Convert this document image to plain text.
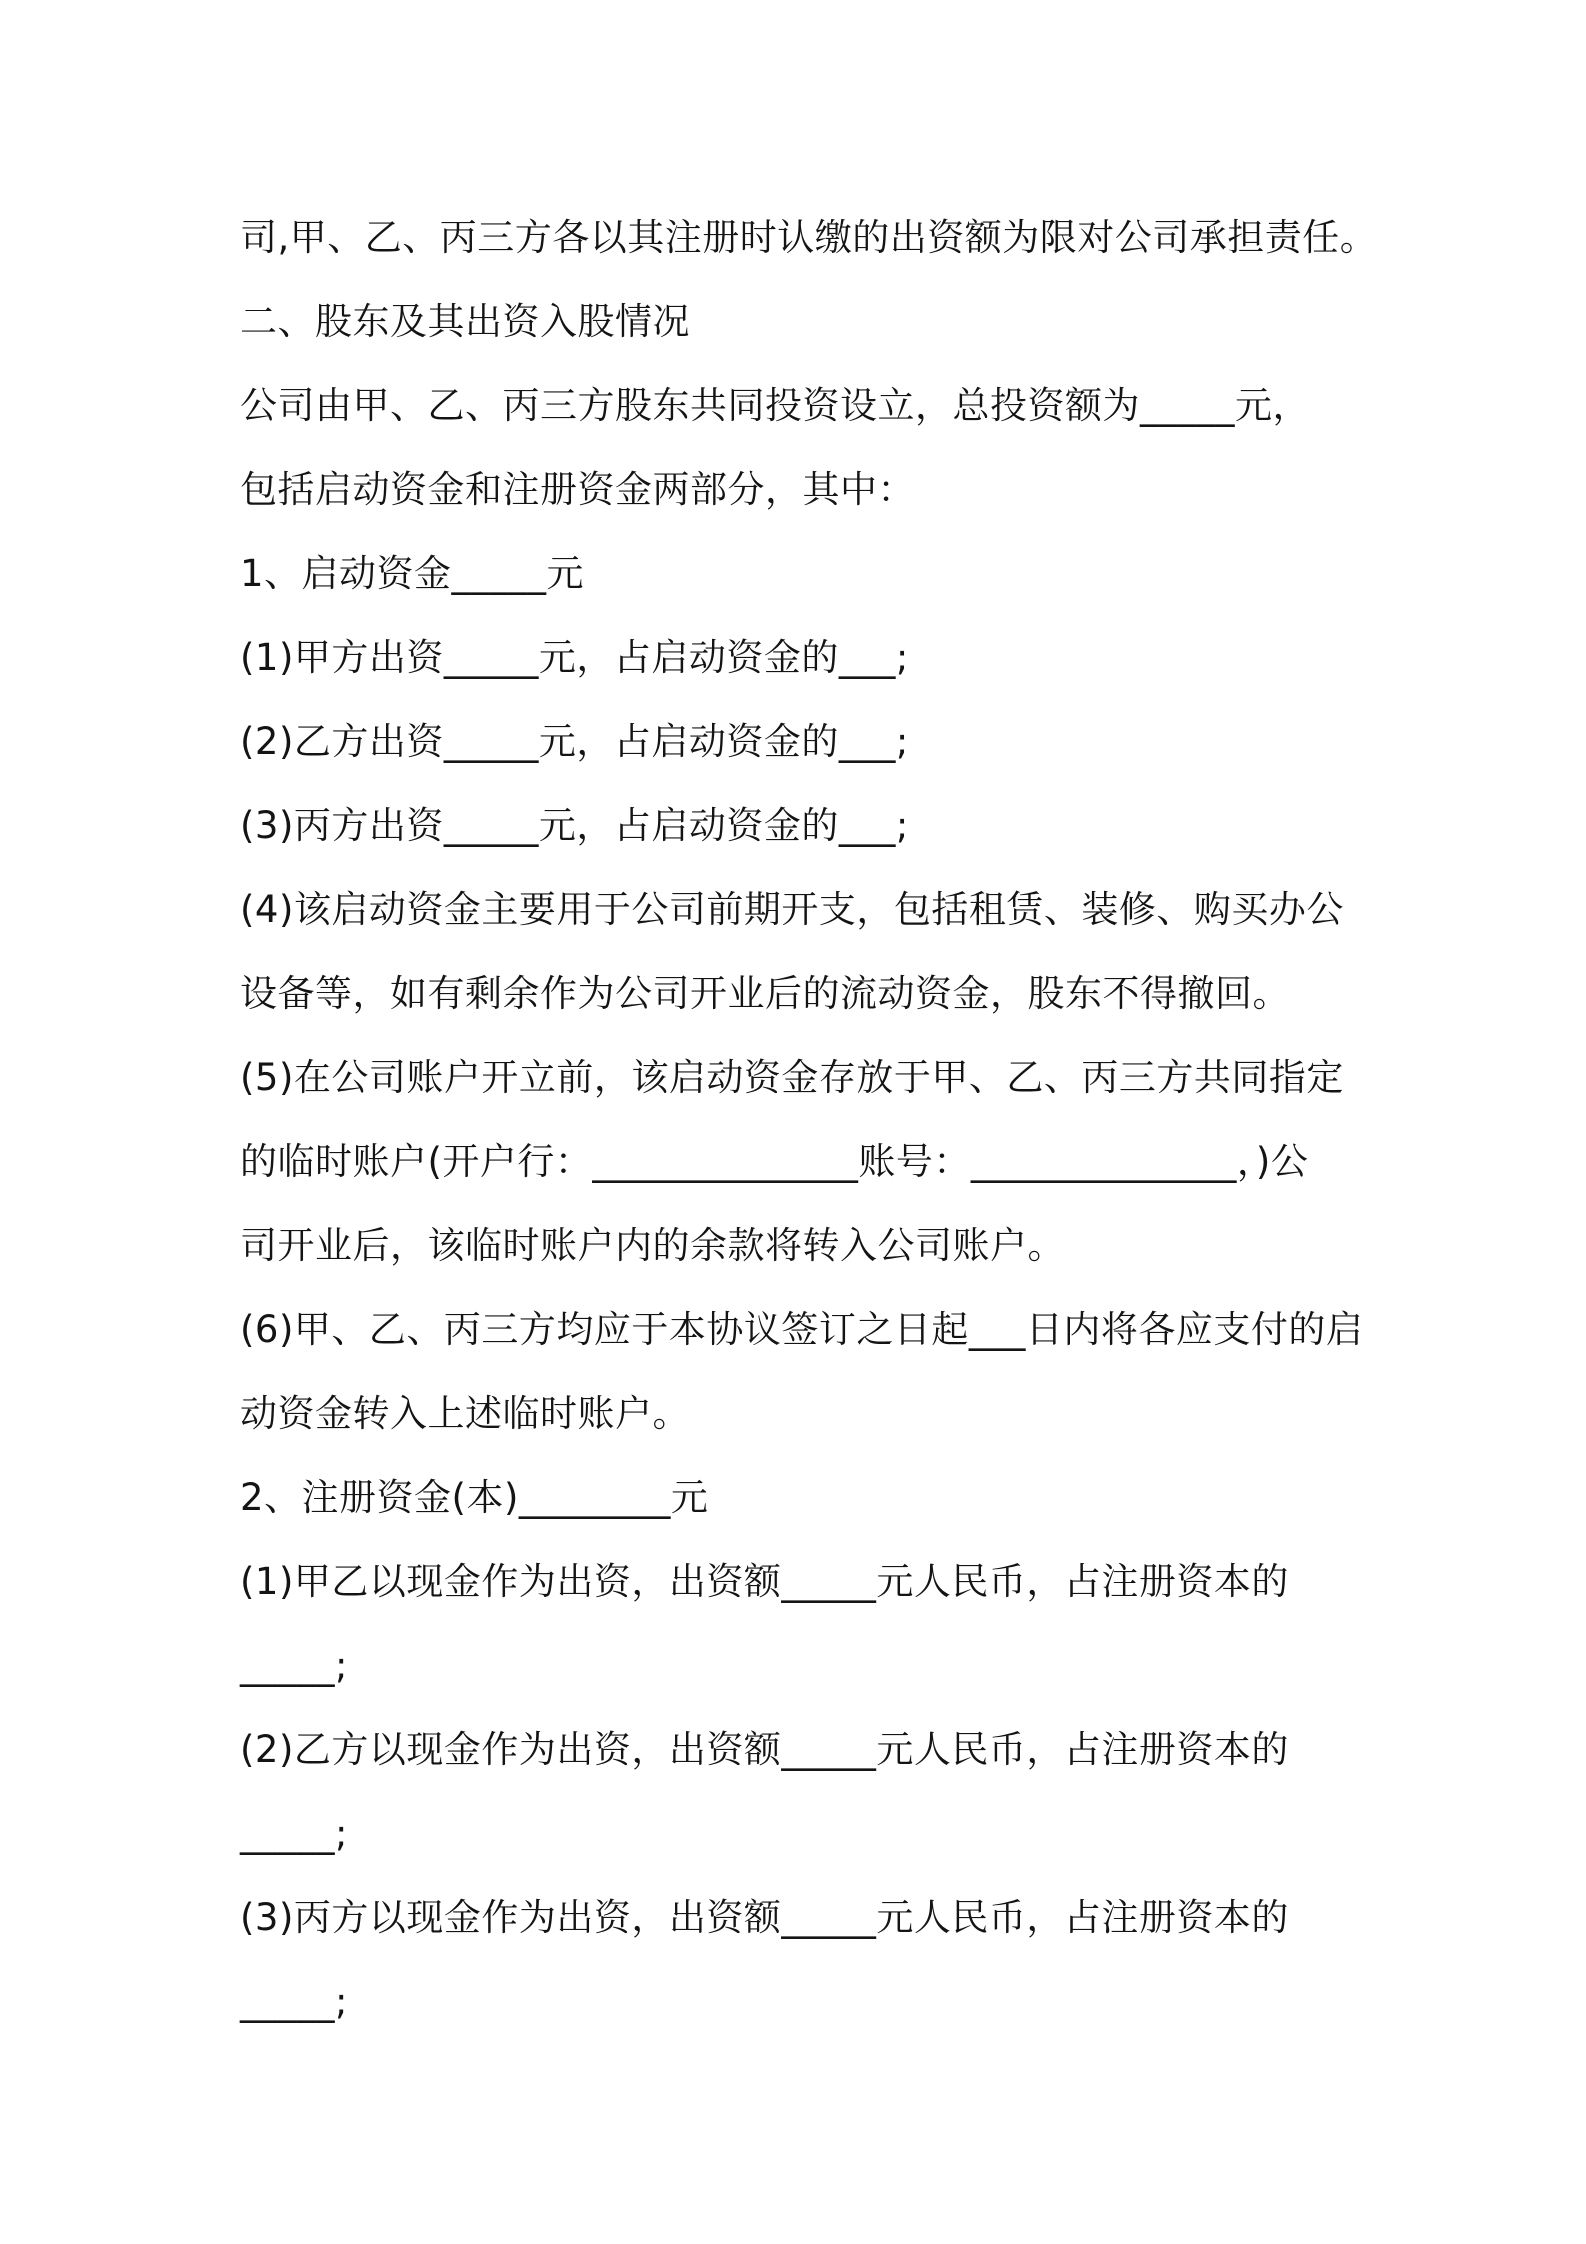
司,甲、乙、丙三方各以其注册时认缴的出资额为限对公司承担责任。
二、股东及其出资入股情况
公司由甲、乙、丙三方股东共同投资设立，总投资额为_____元，
包括启动资金和注册资金两部分，其中：
1、启动资金_____元
(1)甲方出资_____元，占启动资金的___;
(2)乙方出资_____元，占启动资金的___;
(3)丙方出资_____元，占启动资金的___;
(4)该启动资金主要用于公司前期开支，包括租赁、装修、购买办公
设备等，如有剩余作为公司开业后的流动资金，股东不得撤回。
(5)在公司账户开立前，该启动资金存放于甲、乙、丙三方共同指定
的临时账户(开户行：______________账号：______________，)公
司开业后，该临时账户内的余款将转入公司账户。
(6)甲、乙、丙三方均应于本协议签订之日起___日内将各应支付的启
动资金转入上述临时账户。
2、注册资金(本)________元
(1)甲乙以现金作为出资，出资额_____元人民币，占注册资本的
_____;
(2)乙方以现金作为出资，出资额_____元人民币，占注册资本的
_____;
(3)丙方以现金作为出资，出资额_____元人民币，占注册资本的
_____;
